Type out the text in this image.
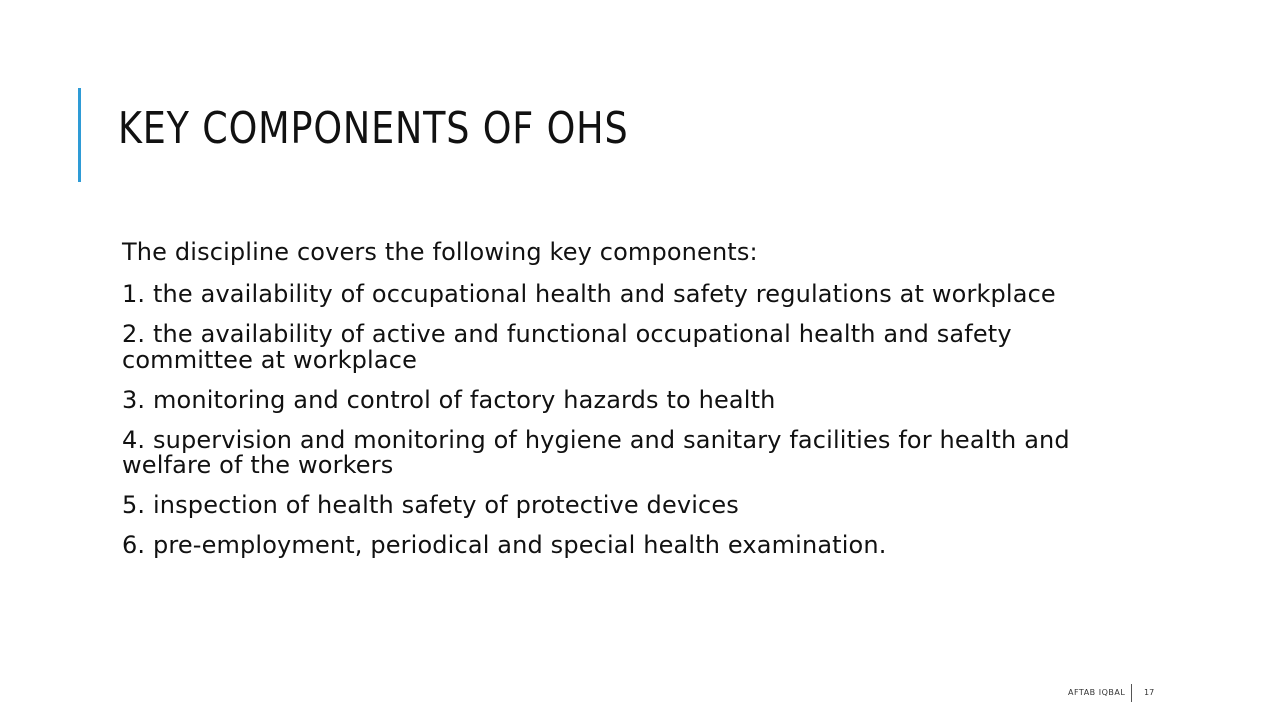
KEY COMPONENTS OF OHS

The discipline covers the following key components:

1. the availability of occupational health and safety regulations at workplace

2. the availability of active and functional occupational health and safety committee at workplace

3. monitoring and control of factory hazards to health

4. supervision and monitoring of hygiene and sanitary facilities for health and welfare of the workers

5. inspection of health safety of protective devices

6. pre-employment, periodical and special health examination.

AFTAB IQBAL 17
